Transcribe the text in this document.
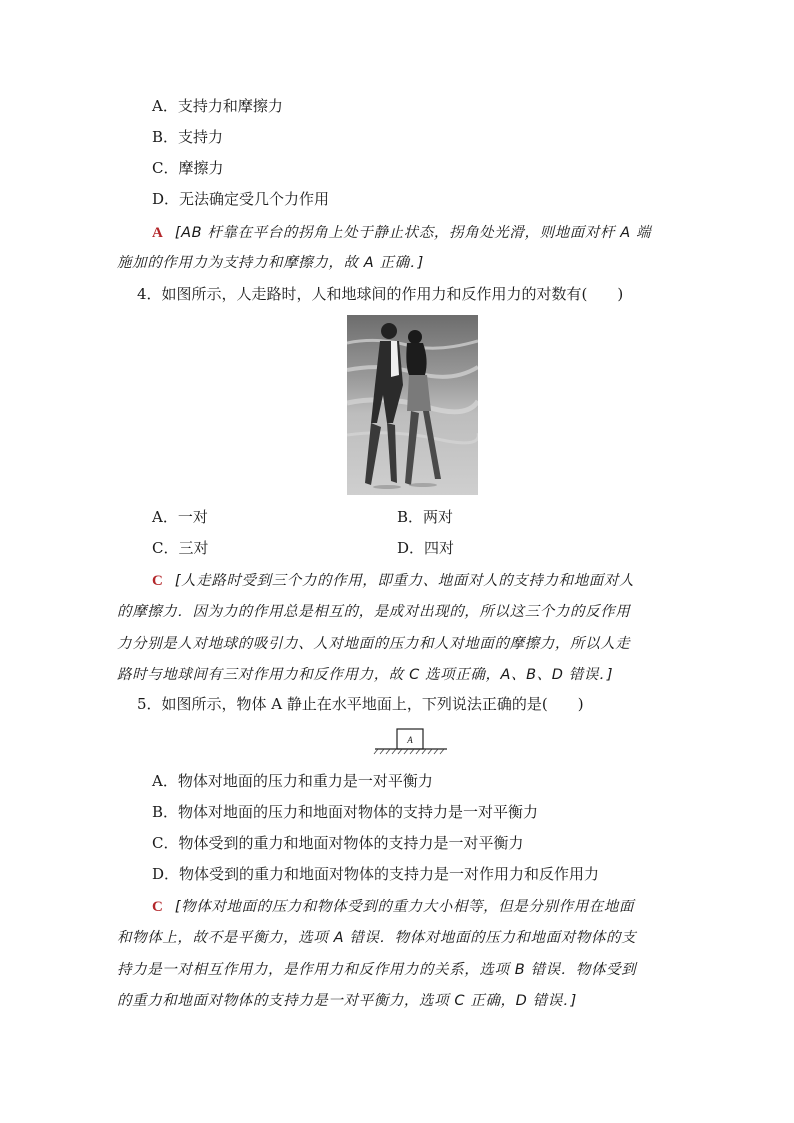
A．支持力和摩擦力
B．支持力
C．摩擦力
D．无法确定受几个力作用
A [AB 杆靠在平台的拐角上处于静止状态，拐角处光滑，则地面对杆 A 端
施加的作用力为支持力和摩擦力，故 A 正确．]
4．如图所示，人走路时，人和地球间的作用力和反作用力的对数有(　　)
A．一对	B．两对
C．三对	D．四对
C [人走路时受到三个力的作用，即重力、地面对人的支持力和地面对人
的摩擦力．因为力的作用总是相互的，是成对出现的，所以这三个力的反作用
力分别是人对地球的吸引力、人对地面的压力和人对地面的摩擦力，所以人走
路时与地球间有三对作用力和反作用力，故 C 选项正确，A、B、D 错误．]
5．如图所示，物体 A 静止在水平地面上，下列说法正确的是(　　)
A
A．物体对地面的压力和重力是一对平衡力
B．物体对地面的压力和地面对物体的支持力是一对平衡力
C．物体受到的重力和地面对物体的支持力是一对平衡力
D．物体受到的重力和地面对物体的支持力是一对作用力和反作用力
C [物体对地面的压力和物体受到的重力大小相等，但是分别作用在地面
和物体上，故不是平衡力，选项 A 错误．物体对地面的压力和地面对物体的支
持力是一对相互作用力，是作用力和反作用力的关系，选项 B 错误．物体受到
的重力和地面对物体的支持力是一对平衡力，选项 C 正确，D 错误．]
